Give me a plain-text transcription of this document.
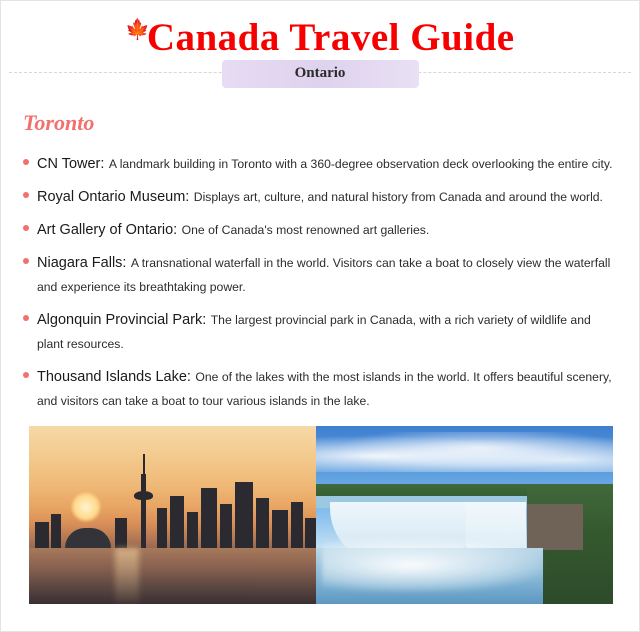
🍁Canada Travel Guide
Ontario
Toronto
CN Tower: A landmark building in Toronto with a 360-degree observation deck overlooking the entire city.
Royal Ontario Museum: Displays art, culture, and natural history from Canada and around the world.
Art Gallery of Ontario: One of Canada's most renowned art galleries.
Niagara Falls: A transnational waterfall in the world. Visitors can take a boat to closely view the waterfall and experience its breathtaking power.
Algonquin Provincial Park: The largest provincial park in Canada, with a rich variety of wildlife and plant resources.
Thousand Islands Lake: One of the lakes with the most islands in the world. It offers beautiful scenery, and visitors can take a boat to tour various islands in the lake.
